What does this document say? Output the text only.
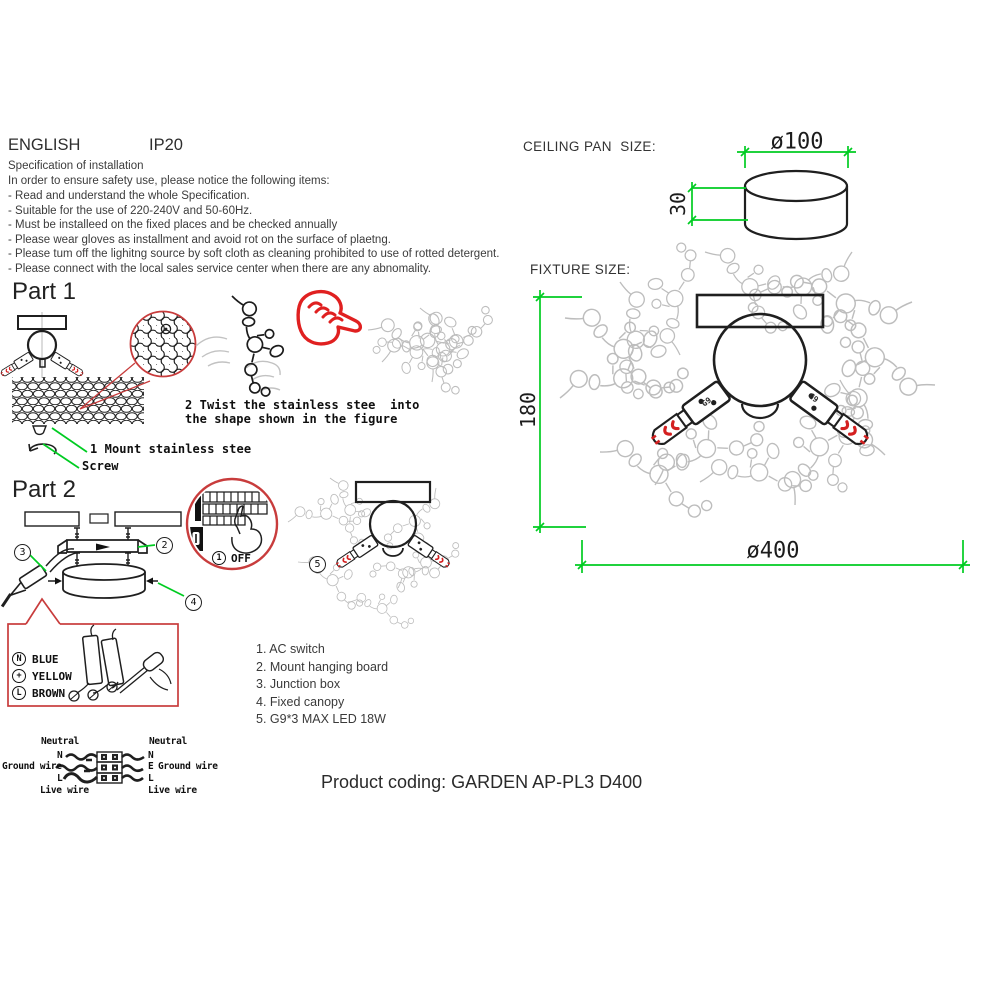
G9	G9
ENGLISH	IP20
Specification of installation
In order to ensure safety use, please notice the following items:
- Read and understand the whole Specification.
- Suitable for the use of 220-240V and 50-60Hz.
- Must be installeed on the fixed places and be checked annually
- Please wear gloves as installment and avoid rot on the surface of plaetng.
- Please tum off the lighitng source by soft cloth as cleaning prohibited to use of rotted detergent.
- Please connect with the local sales service center when there are any abnomality.
Part 1
2 Twist the stainless stee  into
the shape shown in the figure
1 Mount stainless stee
Screw
Part 2
2
3
4
5
1 OFF
N BLUE
+ YELLOW
L BROWN
Neutral
N
Ground wire
L
Live wire
Neutral
N
E Ground wire
L
Live wire
1. AC switch
2. Mount hanging board
3. Junction box
4. Fixed canopy
5. G9*3 MAX LED 18W
Product coding: GARDEN AP-PL3 D400
CEILING PAN  SIZE:
FIXTURE SIZE:
ø100
30
180
ø400
